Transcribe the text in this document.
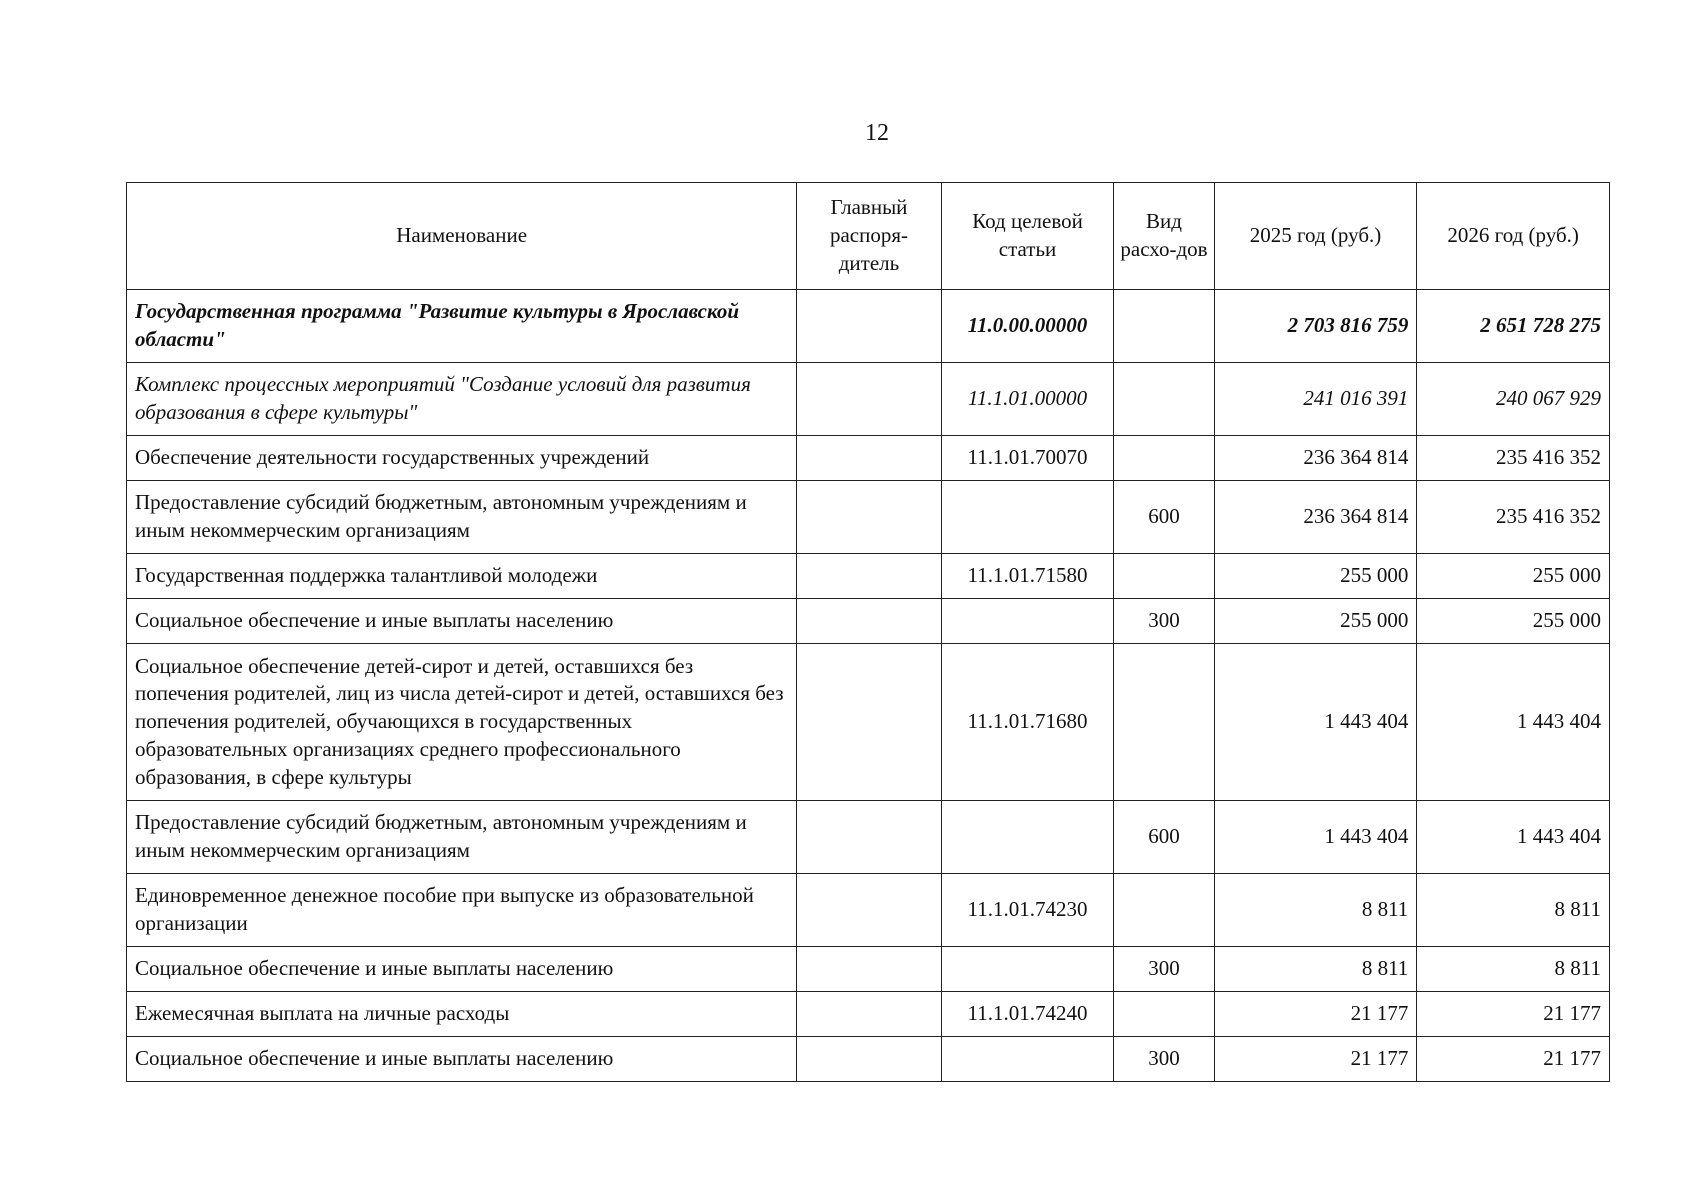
12
Наименование	Главный распоря-дитель	Код целевой статьи	Вид расхо-дов	2025 год (руб.)	2026 год (руб.)
Государственная программа "Развитие культуры в Ярославской области"		11.0.00.00000		2 703 816 759	2 651 728 275
Комплекс процессных мероприятий "Создание условий для развития образования в сфере культуры"		11.1.01.00000		241 016 391	240 067 929
Обеспечение деятельности государственных учреждений		11.1.01.70070		236 364 814	235 416 352
Предоставление субсидий бюджетным, автономным учреждениям и иным некоммерческим организациям			600	236 364 814	235 416 352
Государственная поддержка талантливой молодежи		11.1.01.71580		255 000	255 000
Социальное обеспечение и иные выплаты населению			300	255 000	255 000
Социальное обеспечение детей-сирот и детей, оставшихся без попечения родителей, лиц из числа детей-сирот и детей, оставшихся без попечения родителей, обучающихся в государственных образовательных организациях среднего профессионального образования, в сфере культуры		11.1.01.71680		1 443 404	1 443 404
Предоставление субсидий бюджетным, автономным учреждениям и иным некоммерческим организациям			600	1 443 404	1 443 404
Единовременное денежное пособие при выпуске из образовательной организации		11.1.01.74230		8 811	8 811
Социальное обеспечение и иные выплаты населению			300	8 811	8 811
Ежемесячная выплата на личные расходы		11.1.01.74240		21 177	21 177
Социальное обеспечение и иные выплаты населению			300	21 177	21 177
